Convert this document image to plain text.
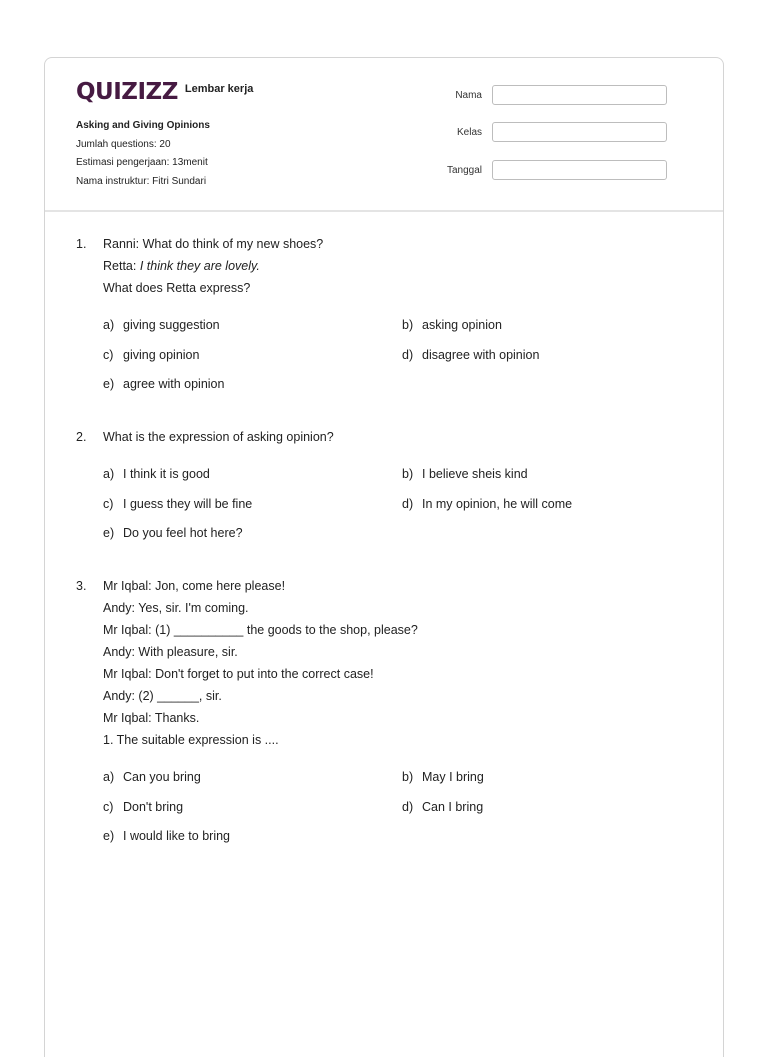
QUIZIZZ Lembar kerja
Asking and Giving Opinions
Jumlah questions: 20
Estimasi pengerjaan: 13menit
Nama instruktur: Fitri Sundari
Nama
Kelas
Tanggal
1.	Ranni: What do think of my new shoes?
Retta: I think they are lovely.
What does Retta express?
a) giving suggestion	b) asking opinion
c) giving opinion	d) disagree with opinion
e) agree with opinion
2.	What is the expression of asking opinion?
a) I think it is good	b) I believe sheis kind
c) I guess they will be fine	d) In my opinion, he will come
e) Do you feel hot here?
3.	Mr Iqbal: Jon, come here please!
Andy: Yes, sir. I'm coming.
Mr Iqbal: (1) __________ the goods to the shop, please?
Andy: With pleasure, sir.
Mr Iqbal: Don't forget to put into the correct case!
Andy: (2) ______, sir.
Mr Iqbal: Thanks.
1. The suitable expression is ....
a) Can you bring	b) May I bring
c) Don't bring	d) Can I bring
e) I would like to bring
